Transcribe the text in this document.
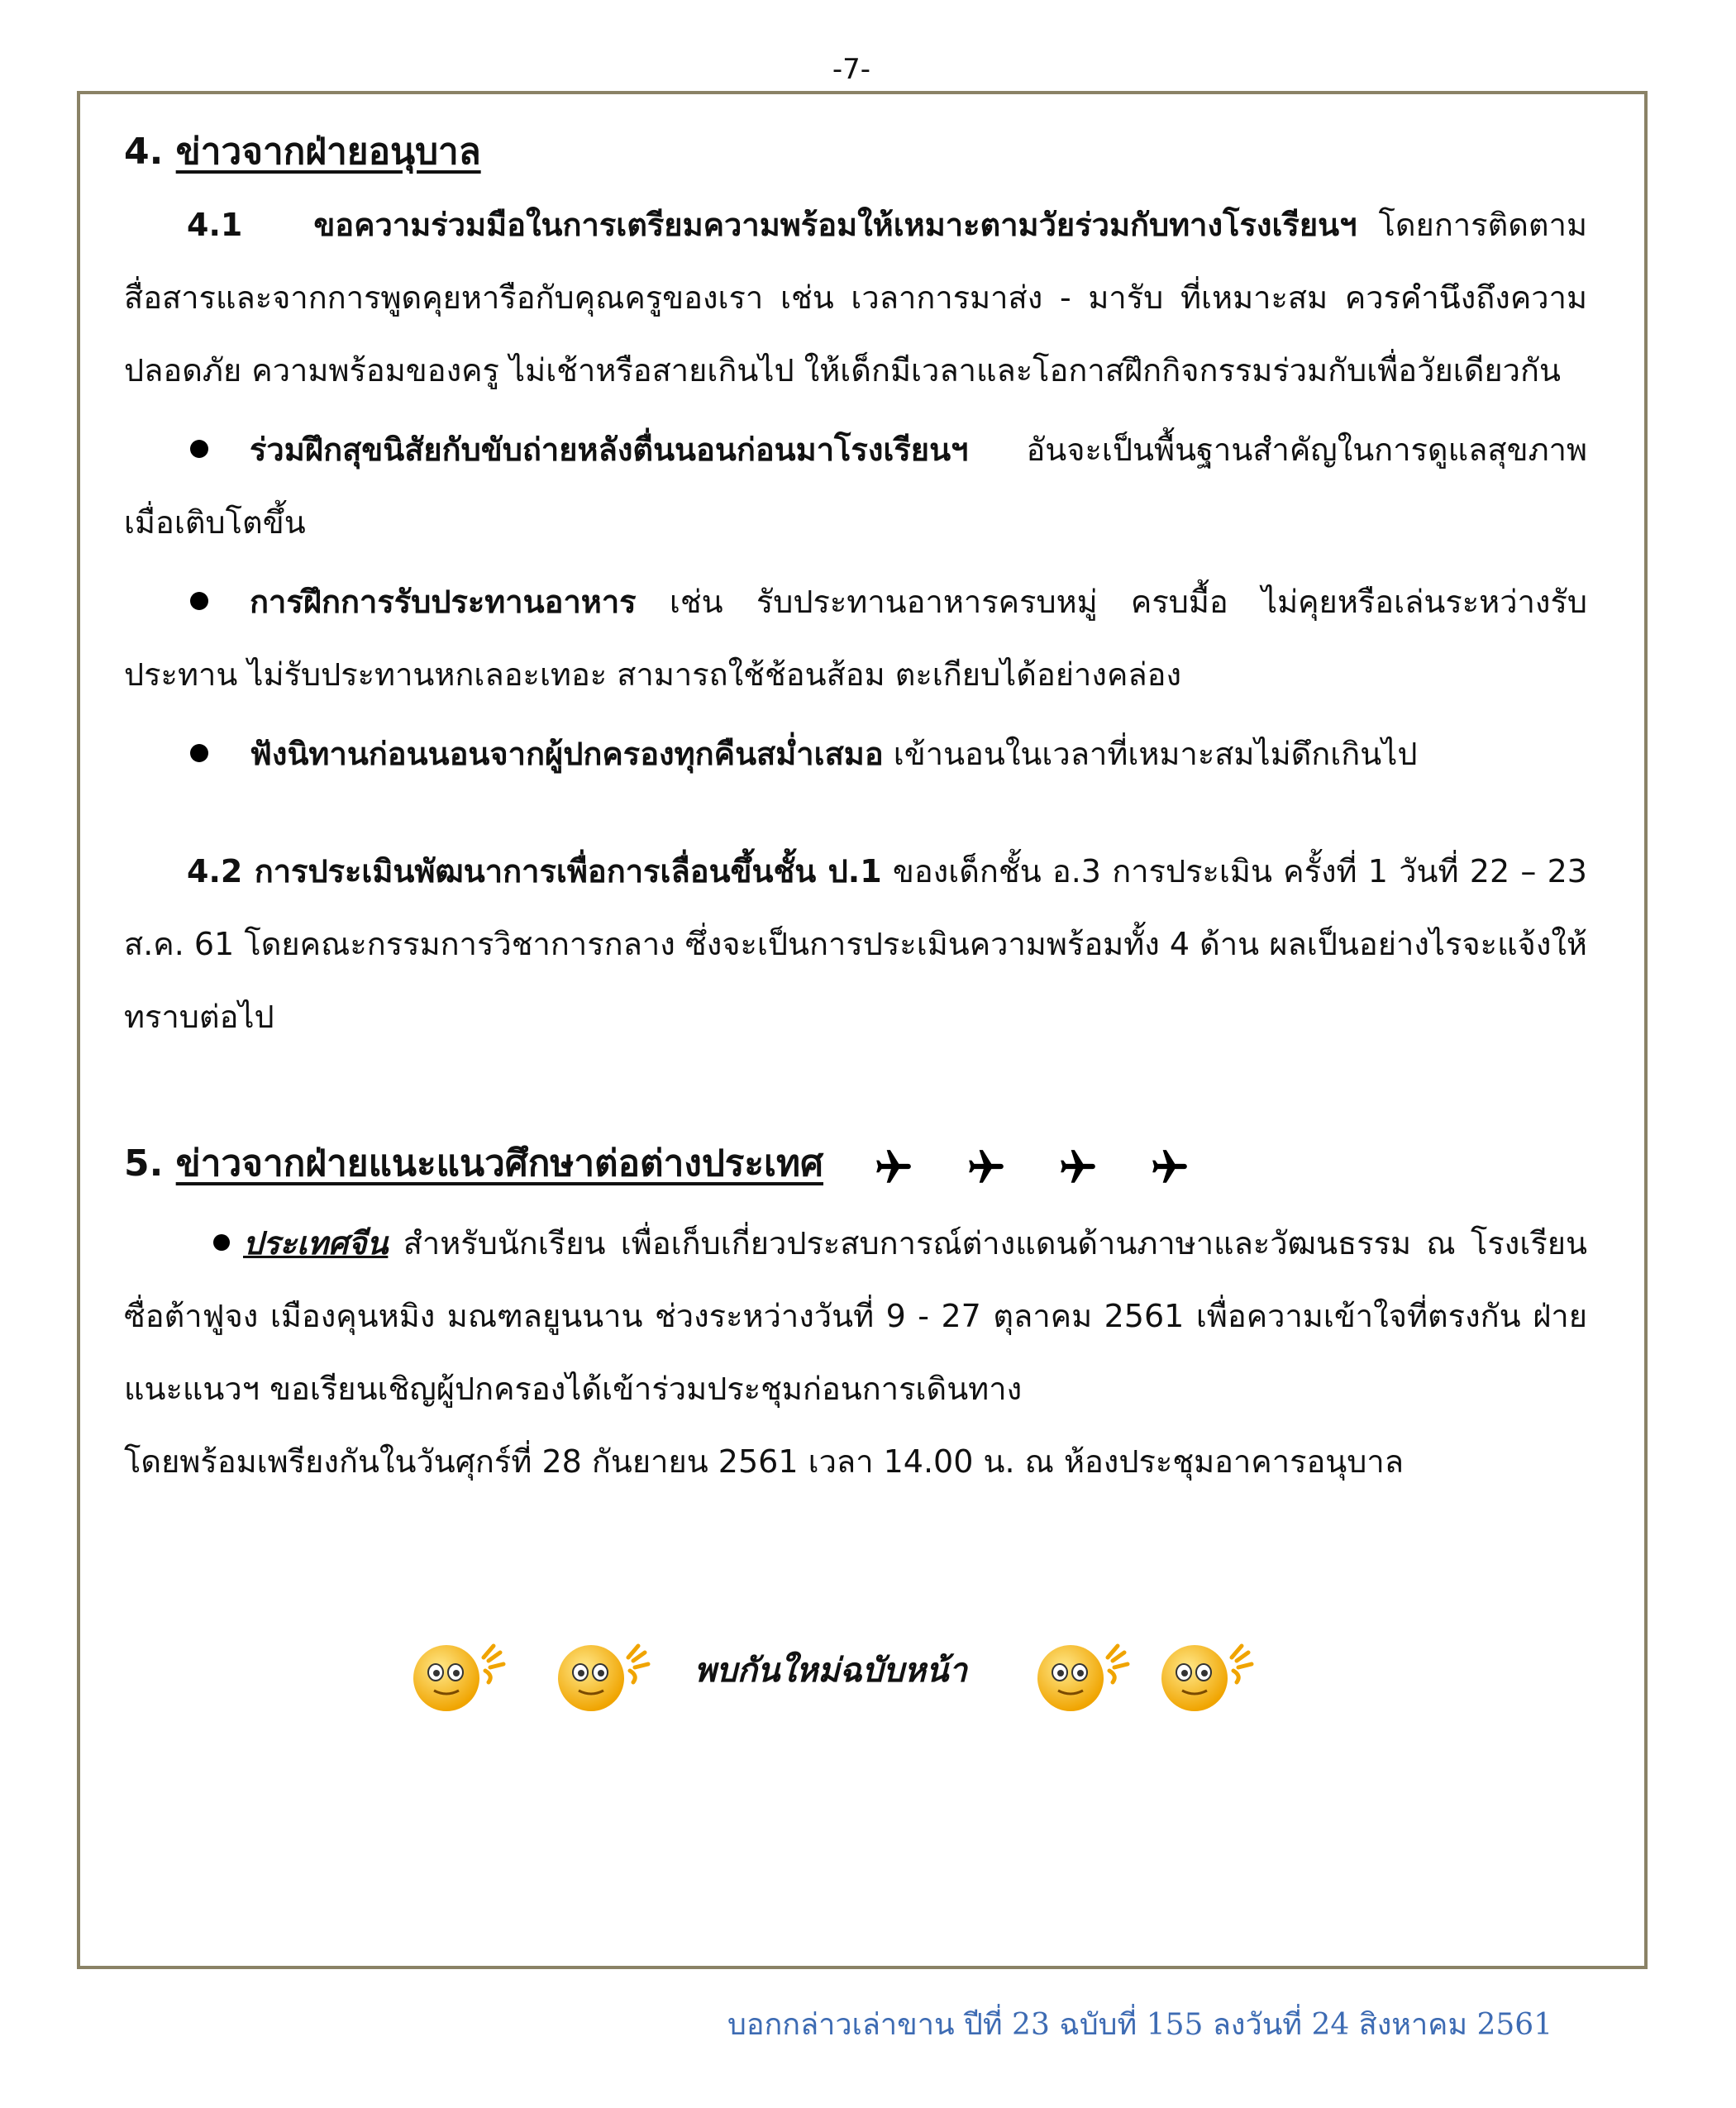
-7-

4. ข่าวจากฝ่ายอนุบาล

4.1 ขอความร่วมมือในการเตรียมความพร้อมให้เหมาะตามวัยร่วมกับทางโรงเรียนฯ โดยการติดตามสื่อสารและจากการพูดคุยหารือกับคุณครูของเรา เช่น เวลาการมาส่ง - มารับ ที่เหมาะสม ควรคำนึงถึงความปลอดภัย ความพร้อมของครู ไม่เช้าหรือสายเกินไป ให้เด็กมีเวลาและโอกาสฝึกกิจกรรมร่วมกับเพื่อวัยเดียวกัน

ร่วมฝึกสุขนิสัยกับขับถ่ายหลังตื่นนอนก่อนมาโรงเรียนฯ อันจะเป็นพื้นฐานสำคัญในการดูแลสุขภาพเมื่อเติบโตขึ้น

การฝึกการรับประทานอาหาร เช่น รับประทานอาหารครบหมู่ ครบมื้อ ไม่คุยหรือเล่นระหว่างรับประทาน ไม่รับประทานหกเลอะเทอะ สามารถใช้ช้อนส้อม ตะเกียบได้อย่างคล่อง

ฟังนิทานก่อนนอนจากผู้ปกครองทุกคืนสม่ำเสมอ เข้านอนในเวลาที่เหมาะสมไม่ดึกเกินไป

4.2 การประเมินพัฒนาการเพื่อการเลื่อนขึ้นชั้น ป.1 ของเด็กชั้น อ.3 การประเมิน ครั้งที่ 1 วันที่ 22 – 23 ส.ค. 61 โดยคณะกรรมการวิชาการกลาง ซึ่งจะเป็นการประเมินความพร้อมทั้ง 4 ด้าน ผลเป็นอย่างไรจะแจ้งให้ทราบต่อไป

5. ข่าวจากฝ่ายแนะแนวศึกษาต่อต่างประเทศ

ประเทศจีน สำหรับนักเรียน เพื่อเก็บเกี่ยวประสบการณ์ต่างแดนด้านภาษาและวัฒนธรรม ณ โรงเรียนซื่อต้าฟูจง เมืองคุนหมิง มณฑลยูนนาน ช่วงระหว่างวันที่ 9 - 27 ตุลาคม 2561 เพื่อความเข้าใจที่ตรงกัน ฝ่ายแนะแนวฯ ขอเรียนเชิญผู้ปกครองได้เข้าร่วมประชุมก่อนการเดินทาง

โดยพร้อมเพรียงกันในวันศุกร์ที่ 28 กันยายน 2561 เวลา 14.00 น. ณ ห้องประชุมอาคารอนุบาล

พบกันใหม่ฉบับหน้า
บอกกล่าวเล่าขาน ปีที่ 23 ฉบับที่ 155 ลงวันที่ 24 สิงหาคม 2561
